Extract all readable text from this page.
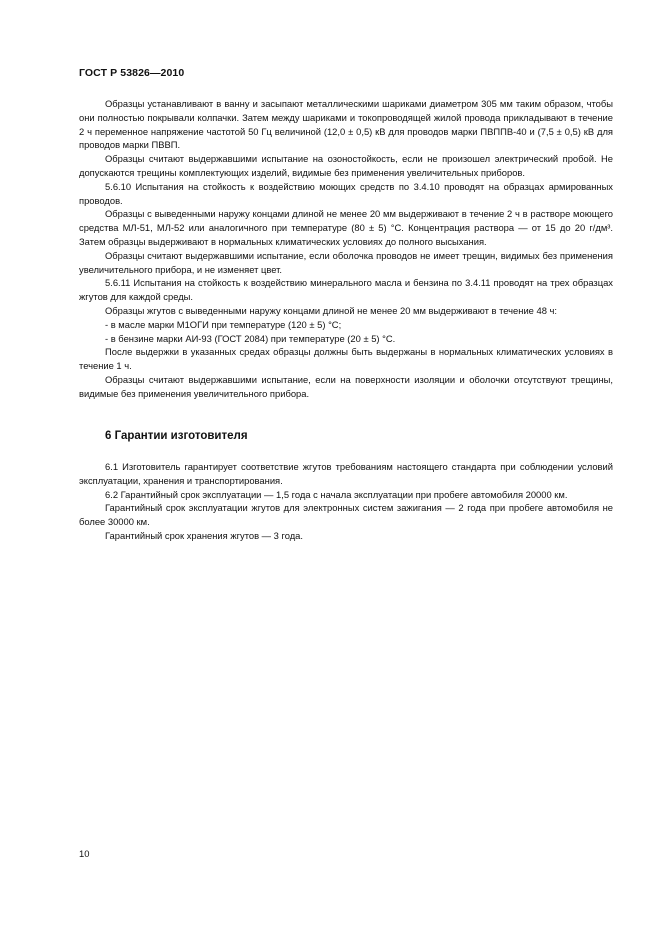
ГОСТ Р 53826—2010

Образцы устанавливают в ванну и засыпают металлическими шариками диаметром 305 мм таким образом, чтобы они полностью покрывали колпачки. Затем между шариками и токопроводящей жилой провода прикладывают в течение 2 ч переменное напряжение частотой 50 Гц величиной (12,0 ± 0,5) кВ для проводов марки ПВППВ-40 и (7,5 ± 0,5) кВ для проводов марки ПВВП.

Образцы считают выдержавшими испытание на озоностойкость, если не произошел электрический пробой. Не допускаются трещины комплектующих изделий, видимые без применения увеличительных приборов.

5.6.10 Испытания на стойкость к воздействию моющих средств по 3.4.10 проводят на образцах армированных проводов.

Образцы с выведенными наружу концами длиной не менее 20 мм выдерживают в течение 2 ч в растворе моющего средства МЛ-51, МЛ-52 или аналогичного при температуре (80 ± 5) °С. Концентрация раствора — от 15 до 20 г/дм³. Затем образцы выдерживают в нормальных климатических условиях до полного высыхания.

Образцы считают выдержавшими испытание, если оболочка проводов не имеет трещин, видимых без применения увеличительного прибора, и не изменяет цвет.

5.6.11 Испытания на стойкость к воздействию минерального масла и бензина по 3.4.11 проводят на трех образцах жгутов для каждой среды.

Образцы жгутов с выведенными наружу концами длиной не менее 20 мм выдерживают в течение 48 ч:

- в масле марки М1ОГИ при температуре (120 ± 5) °С;

- в бензине марки АИ-93 (ГОСТ 2084) при температуре (20 ± 5) °С.

После выдержки в указанных средах образцы должны быть выдержаны в нормальных климатических условиях в течение 1 ч.

Образцы считают выдержавшими испытание, если на поверхности изоляции и оболочки отсутствуют трещины, видимые без применения увеличительного прибора.

6 Гарантии изготовителя

6.1 Изготовитель гарантирует соответствие жгутов требованиям настоящего стандарта при соблюдении условий эксплуатации, хранения и транспортирования.

6.2 Гарантийный срок эксплуатации — 1,5 года с начала эксплуатации при пробеге автомобиля 20000 км.

Гарантийный срок эксплуатации жгутов для электронных систем зажигания — 2 года при пробеге автомобиля не более 30000 км.

Гарантийный срок хранения жгутов — 3 года.

10
